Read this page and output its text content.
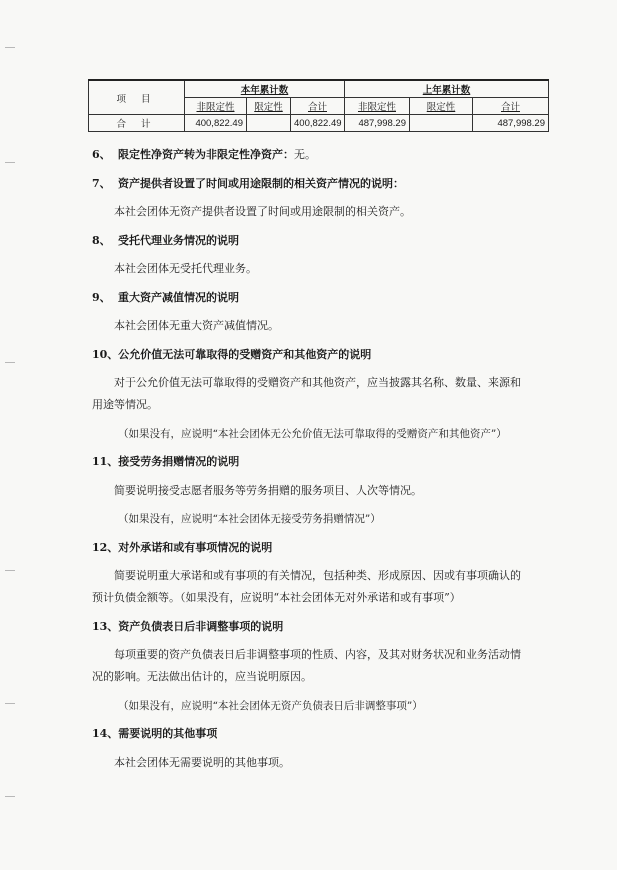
项 目	本年累计数			上年累计数		
	非限定性	限定性	合计	非限定性	限定性	合计
合 计	400,822.49		400,822.49	487,998.29		487,998.29

6、 限定性净资产转为非限定性净资产：无。

7、 资产提供者设置了时间或用途限制的相关资产情况的说明：

本社会团体无资产提供者设置了时间或用途限制的相关资产。

8、 受托代理业务情况的说明

本社会团体无受托代理业务。

9、 重大资产减值情况的说明

本社会团体无重大资产减值情况。

10、公允价值无法可靠取得的受赠资产和其他资产的说明

对于公允价值无法可靠取得的受赠资产和其他资产，应当披露其名称、数量、来源和

用途等情况。

（如果没有，应说明“本社会团体无公允价值无法可靠取得的受赠资产和其他资产”）

11、接受劳务捐赠情况的说明

简要说明接受志愿者服务等劳务捐赠的服务项目、人次等情况。

（如果没有，应说明“本社会团体无接受劳务捐赠情况”）

12、对外承诺和或有事项情况的说明

简要说明重大承诺和或有事项的有关情况，包括种类、形成原因、因或有事项确认的

预计负债金额等。（如果没有，应说明“本社会团体无对外承诺和或有事项”）

13、资产负债表日后非调整事项的说明

每项重要的资产负债表日后非调整事项的性质、内容，及其对财务状况和业务活动情

况的影响。无法做出估计的，应当说明原因。

（如果没有，应说明“本社会团体无资产负债表日后非调整事项”）

14、需要说明的其他事项

本社会团体无需要说明的其他事项。
